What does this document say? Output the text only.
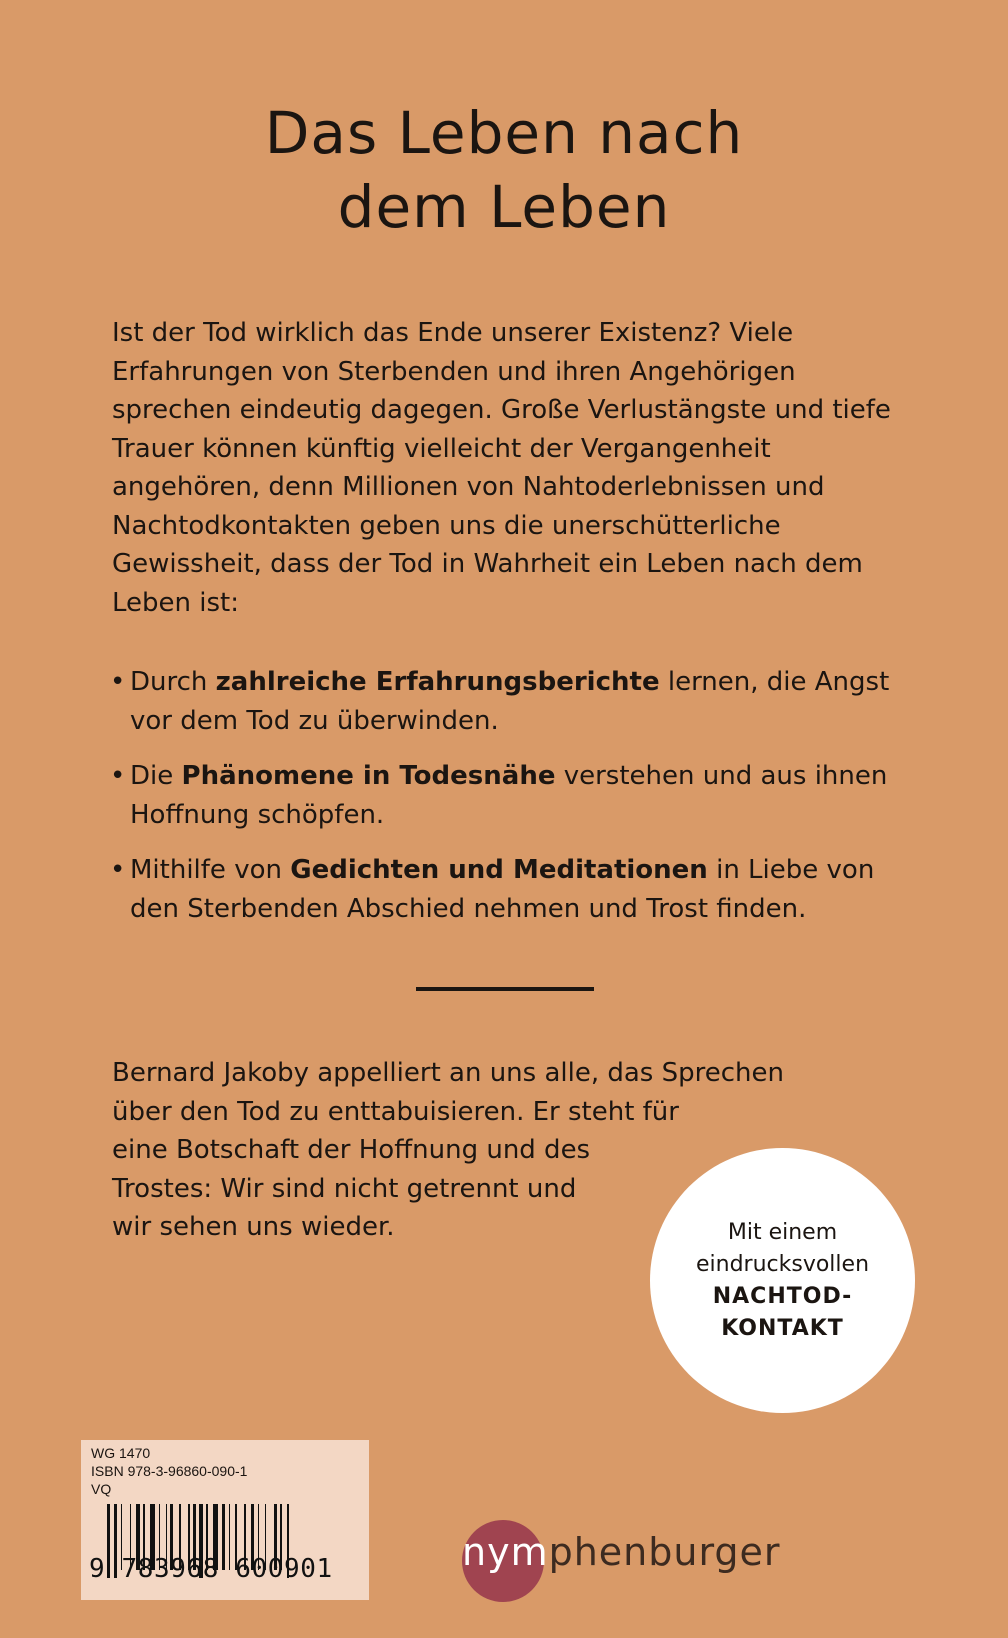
Das Leben nach
dem Leben

Ist der Tod wirklich das Ende unserer Existenz? Viele Erfahrungen von Sterbenden und ihren Angehörigen sprechen eindeutig dagegen. Große Verlustängste und tiefe Trauer können künftig vielleicht der Vergangenheit angehören, denn Millionen von Nahtoderlebnissen und Nachtodkontakten geben uns die unerschütterliche Gewissheit, dass der Tod in Wahrheit ein Leben nach dem Leben ist:

• Durch zahlreiche Erfahrungsberichte lernen, die Angst vor dem Tod zu überwinden.
• Die Phänomene in Todesnähe verstehen und aus ihnen Hoffnung schöpfen.
• Mithilfe von Gedichten und Meditationen in Liebe von den Sterbenden Abschied nehmen und Trost finden.

Bernard Jakoby appelliert an uns alle, das Sprechen
über den Tod zu enttabuisieren. Er steht für
eine Botschaft der Hoffnung und des
Trostes: Wir sind nicht getrennt und
wir sehen uns wieder.	Mit einem
eindrucksvollen
NACHTOD-
KONTAKT
WG 1470
ISBN 978-3-96860-090-1
VQ
9 783968 600901	nymphenburger
